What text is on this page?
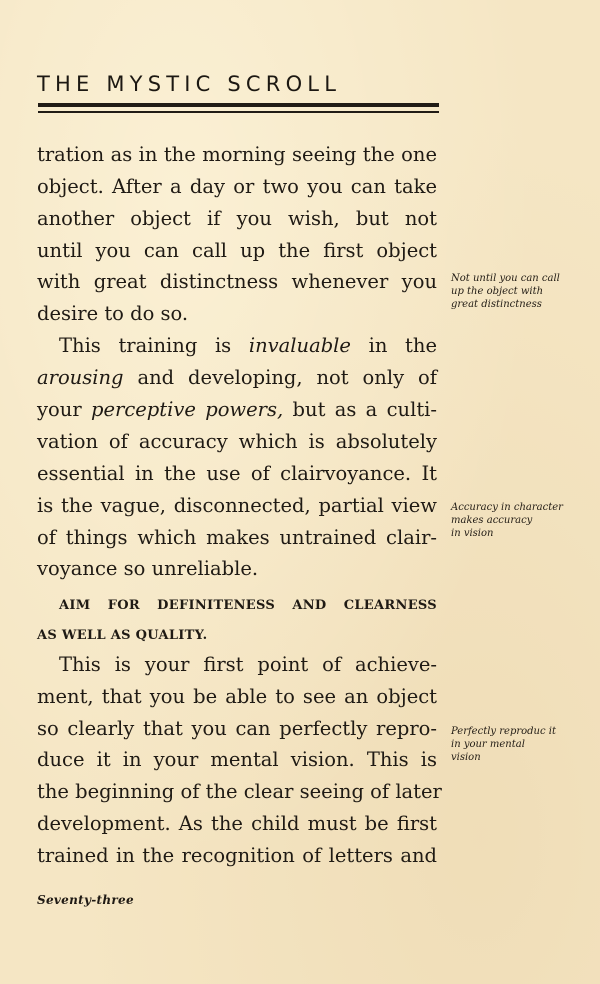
THE MYSTIC SCROLL
tration as in the morning seeing the one
object. After a day or two you can take
another object if you wish, but not
until you can call up the first object
with great distinctness whenever you
desire to do so.
This training is invaluable in the
arousing and developing, not only of
your perceptive powers, but as a culti-
vation of accuracy which is absolutely
essential in the use of clairvoyance. It
is the vague, disconnected, partial view
of things which makes untrained clair-
voyance so unreliable.
AIM FOR DEFINITENESS AND CLEARNESS
AS WELL AS QUALITY.
This is your first point of achieve-
ment, that you be able to see an object
so clearly that you can perfectly repro-
duce it in your mental vision. This is
the beginning of the clear seeing of later
development. As the child must be first
trained in the recognition of letters and
Not until you can call
up the object with
great distinctness
Accuracy in character
makes accuracy
in vision
Perfectly reproduc it
in your mental
vision
Seventy-three
